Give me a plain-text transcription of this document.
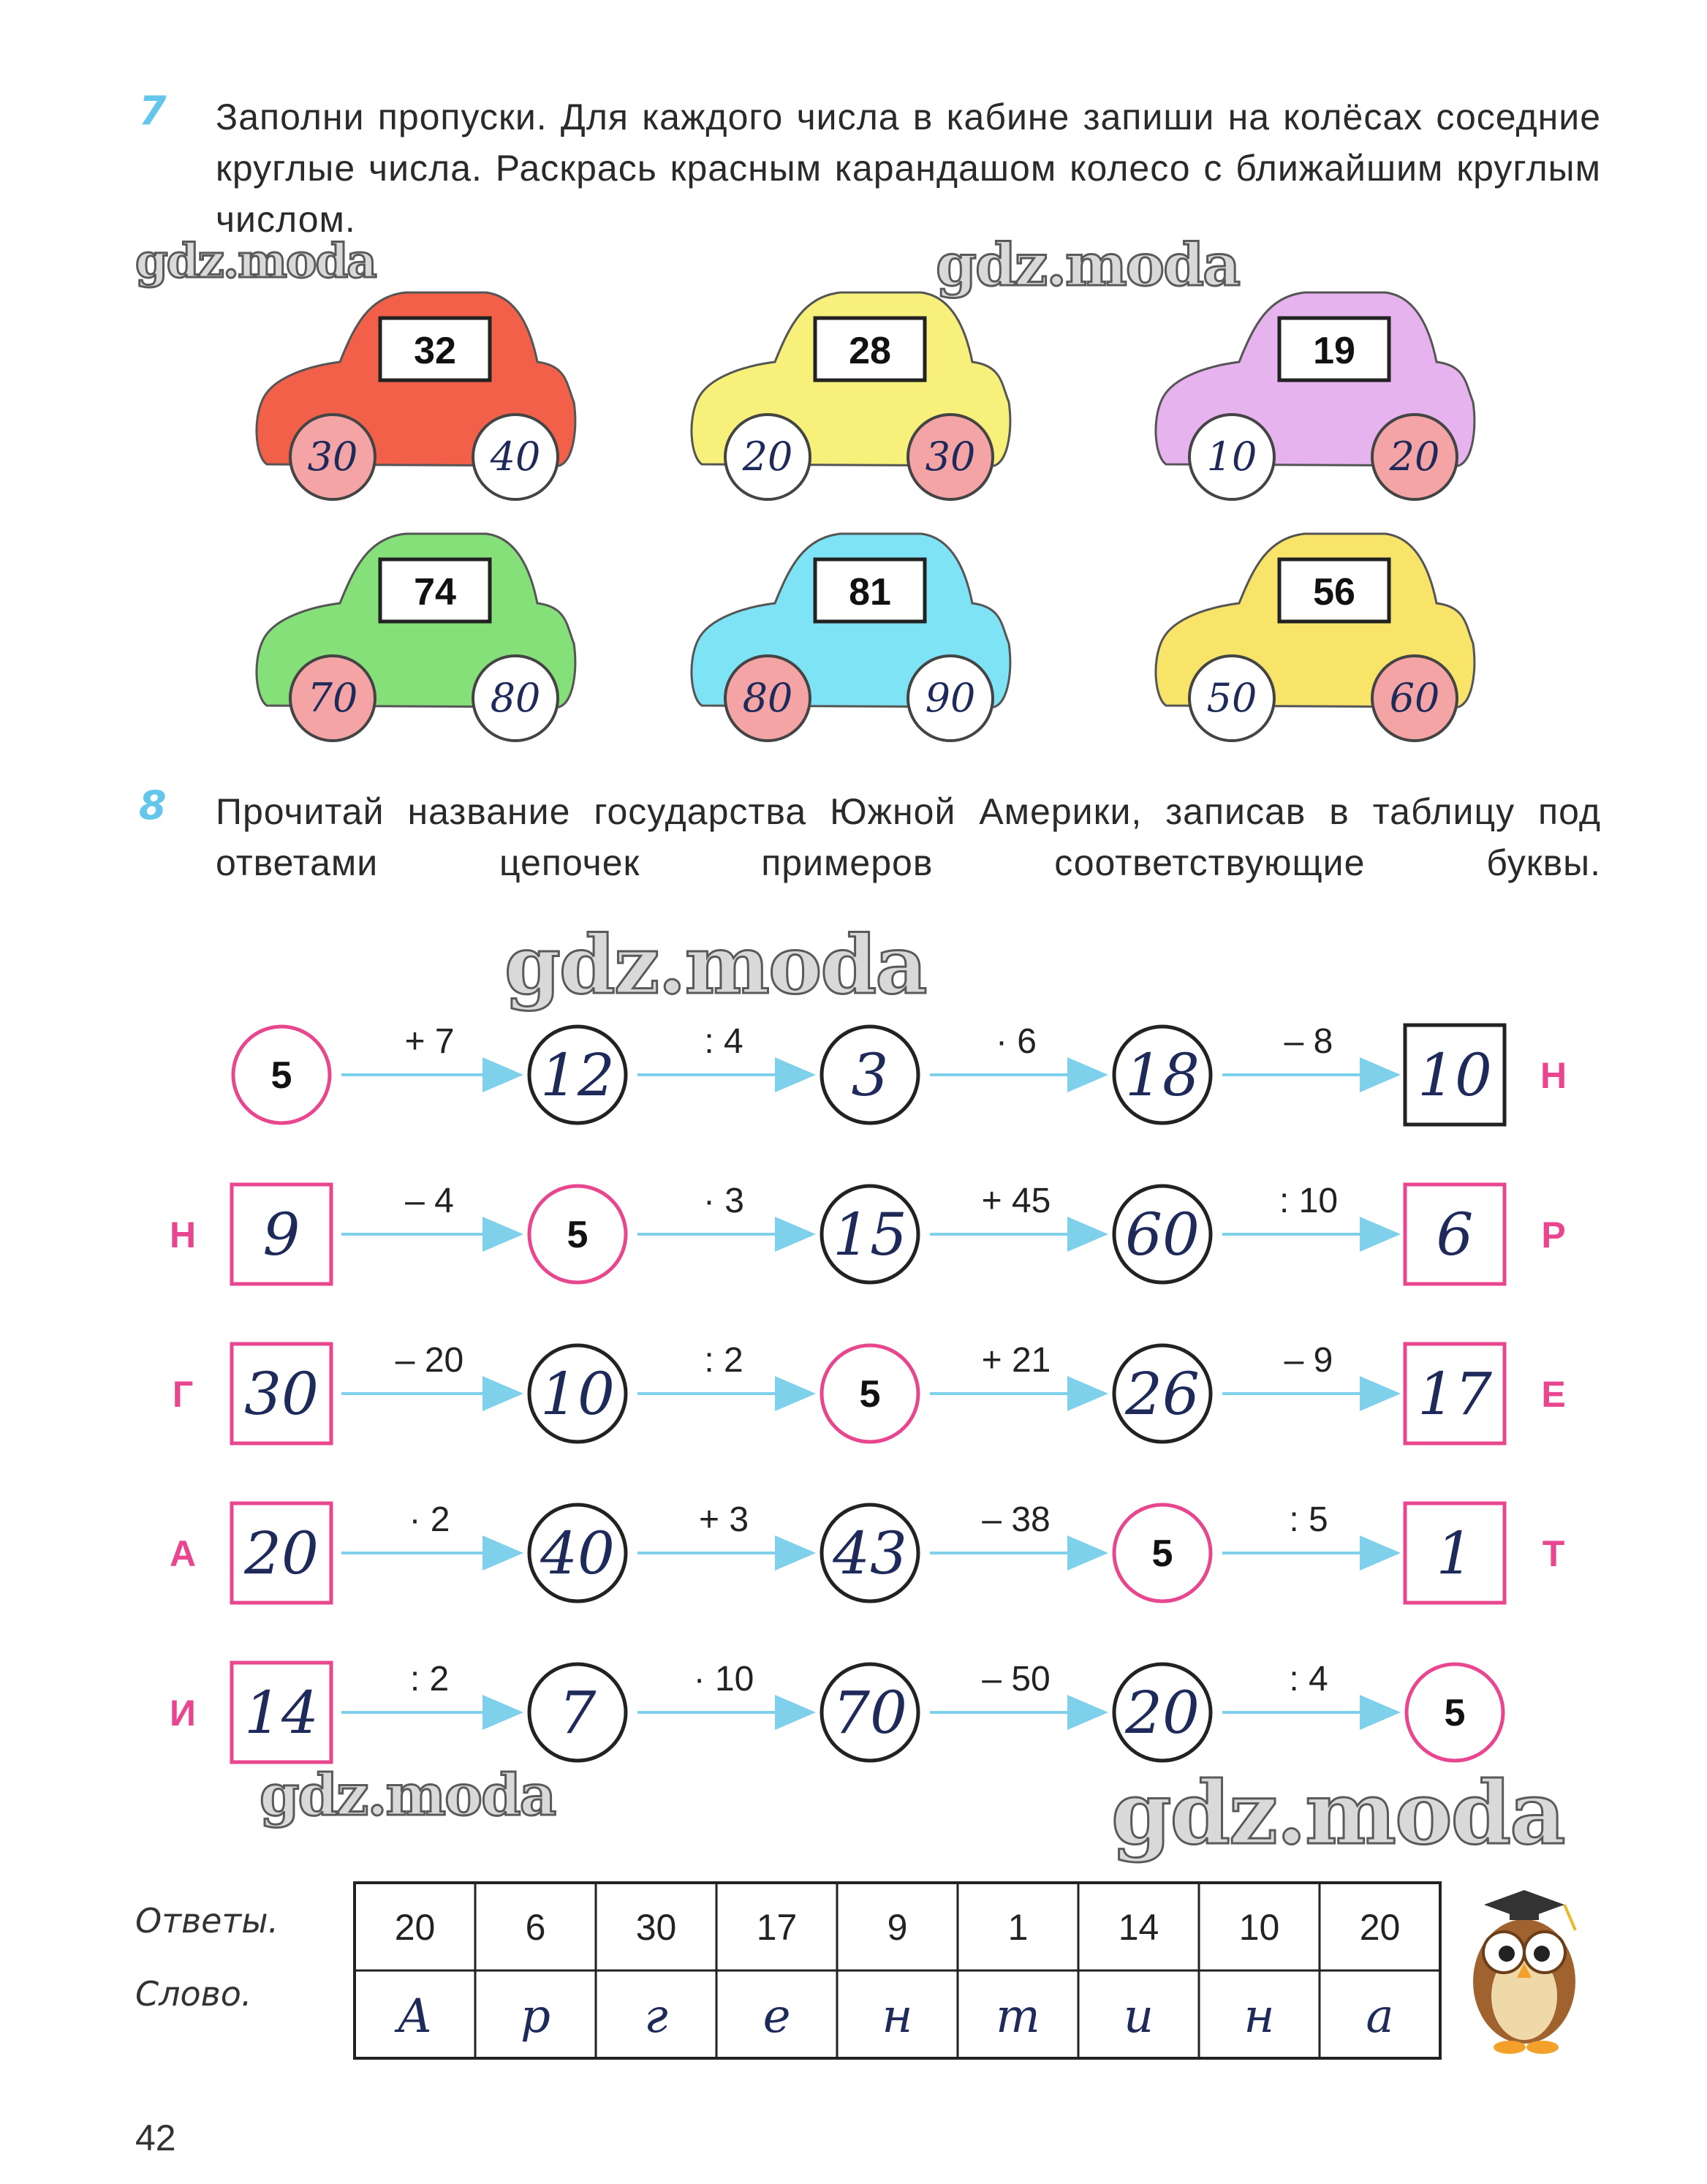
7 Заполни пропуски. Для каждого числа в кабине запиши на колёсах соседние круглые числа. Раскрась красным карандашом колесо с ближайшим круглым числом.
32
30	40
28
20	30
19
10	20
74
70	80
81
80	90
56
50	60
8 Прочитай название государства Южной Америки, записав в таблицу под ответами цепочек примеров соответствующие буквы.
+ 7	: 4	· 6	– 8
5	12	3	18	10 Н
– 4	· 3	+ 45	: 10
9	5	15	60	6
Н	Р
– 20	: 2	+ 21	– 9
30	10	5	26	17
Г	Е
· 2	+ 3	– 38	: 5
20	40	43	5	1
А	Т
: 2	· 10	– 50	: 4
14	7	70	20	5
И
Ответы.
Слово.
20 6 30 17 9	1 14 10 20
А р г е н т и н а
gdz.moda	gdz.moda
gdz.moda
gdz.moda	gdz.moda
42
